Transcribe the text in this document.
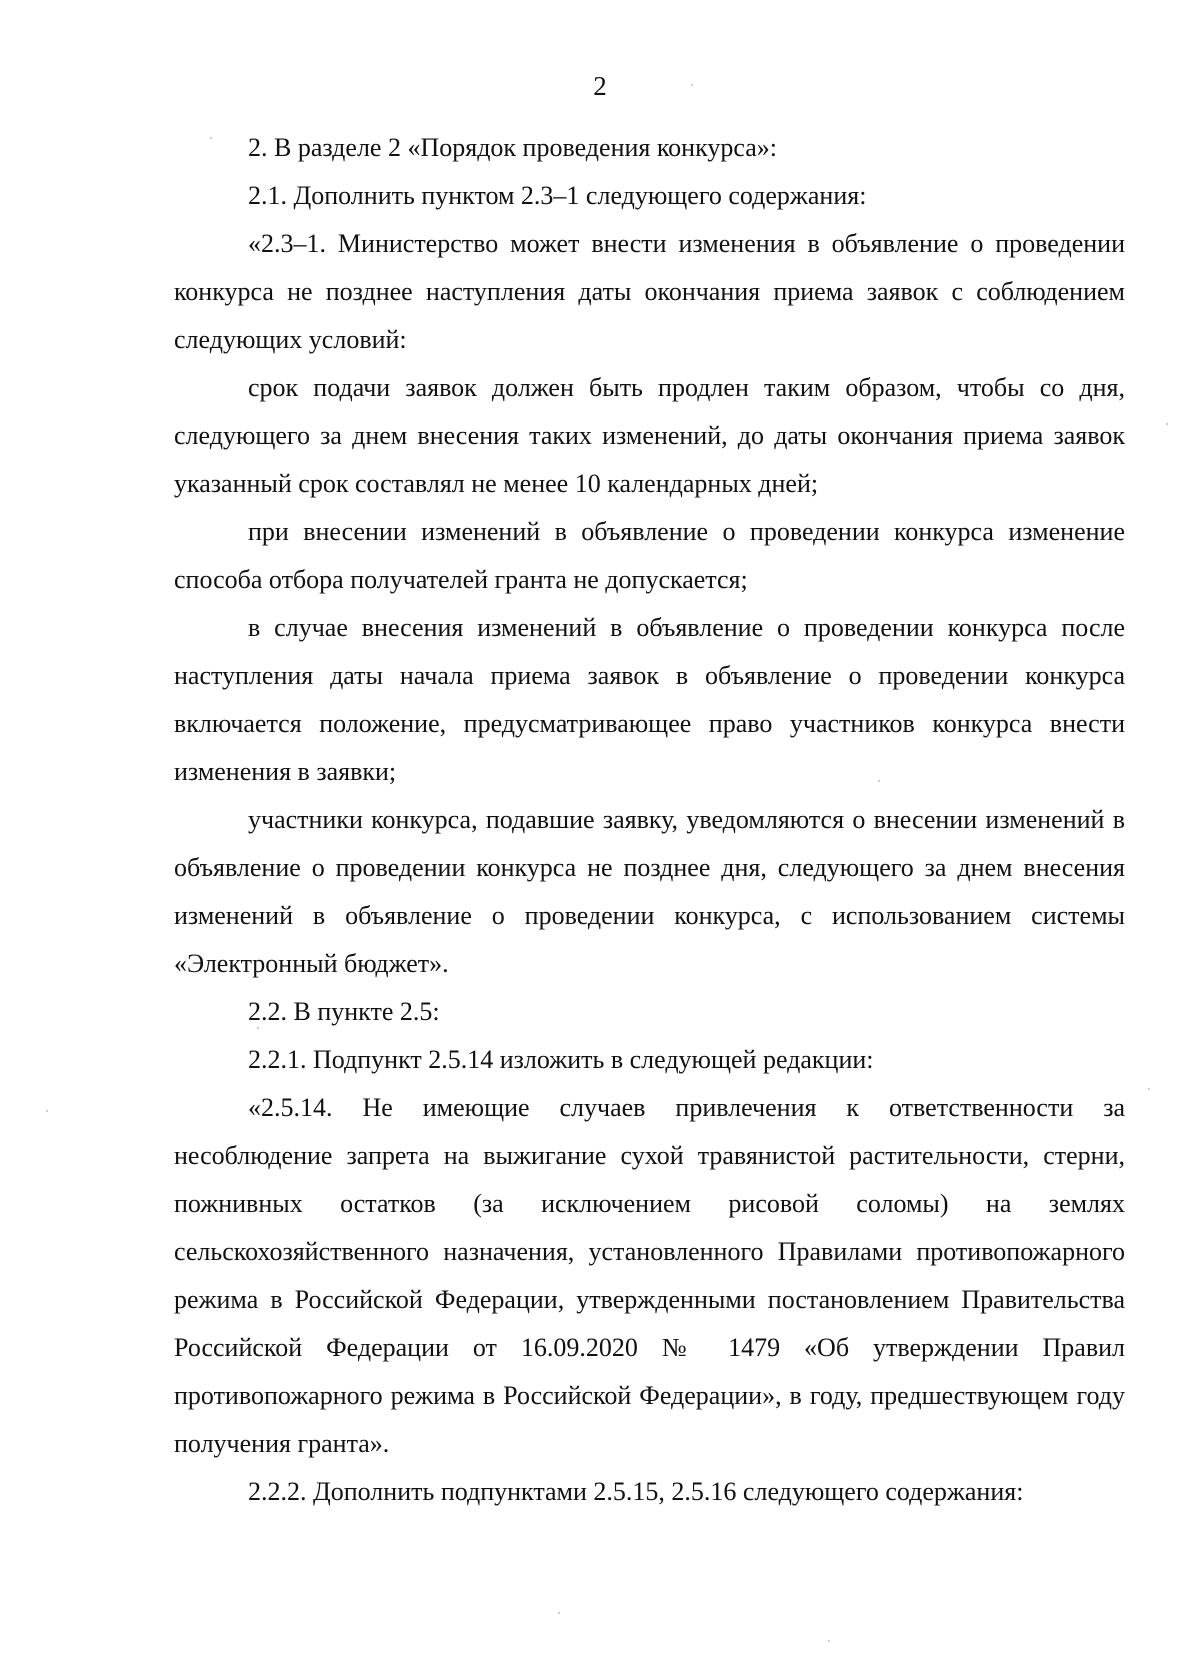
2

2. В разделе 2 «Порядок проведения конкурса»:

2.1. Дополнить пунктом 2.3–1 следующего содержания:

«2.3–1. Министерство может внести изменения в объявление о проведении конкурса не позднее наступления даты окончания приема заявок с соблюдением следующих условий:

срок подачи заявок должен быть продлен таким образом, чтобы со дня, следующего за днем внесения таких изменений, до даты окончания приема заявок указанный срок составлял не менее 10 календарных дней;

при внесении изменений в объявление о проведении конкурса изменение способа отбора получателей гранта не допускается;

в случае внесения изменений в объявление о проведении конкурса после наступления даты начала приема заявок в объявление о проведении конкурса включается положение, предусматривающее право участников конкурса внести изменения в заявки;

участники конкурса, подавшие заявку, уведомляются о внесении изменений в объявление о проведении конкурса не позднее дня, следующего за днем внесения изменений в объявление о проведении конкурса, с использованием системы «Электронный бюджет».

2.2. В пункте 2.5:

2.2.1. Подпункт 2.5.14 изложить в следующей редакции:

«2.5.14. Не имеющие случаев привлечения к ответственности за несоблюдение запрета на выжигание сухой травянистой растительности, стерни, пожнивных остатков (за исключением рисовой соломы) на землях сельскохозяйственного назначения, установленного Правилами противопожарного режима в Российской Федерации, утвержденными постановлением Правительства Российской Федерации от 16.09.2020 № 1479 «Об утверждении Правил противопожарного режима в Российской Федерации», в году, предшествующем году получения гранта».

2.2.2. Дополнить подпунктами 2.5.15, 2.5.16 следующего содержания:
